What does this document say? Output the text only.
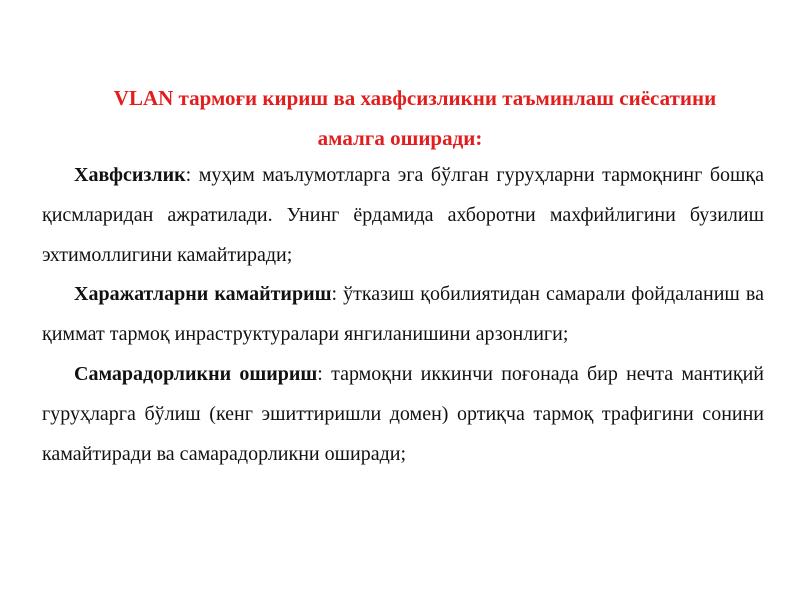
VLAN тармоғи кириш ва хавфсизликни таъминлаш сиёсатини
амалга оширади:

Хавфсизлик: муҳим маълумотларга эга бўлган гуруҳларни тармоқнинг бошқа қисмларидан ажратилади. Унинг ёрдамида ахборотни махфийлигини бузилиш эхтимоллигини камайтиради;

Харажатларни камайтириш: ўтказиш қобилиятидан самарали фойдаланиш ва қиммат тармоқ инраструктуралари янгиланишини арзонлиги;

Самарадорликни ошириш: тармоқни иккинчи поғонада бир нечта мантиқий гуруҳларга бўлиш (кенг эшиттиришли домен) ортиқча тармоқ трафигини сонини камайтиради ва самарадорликни оширади;
